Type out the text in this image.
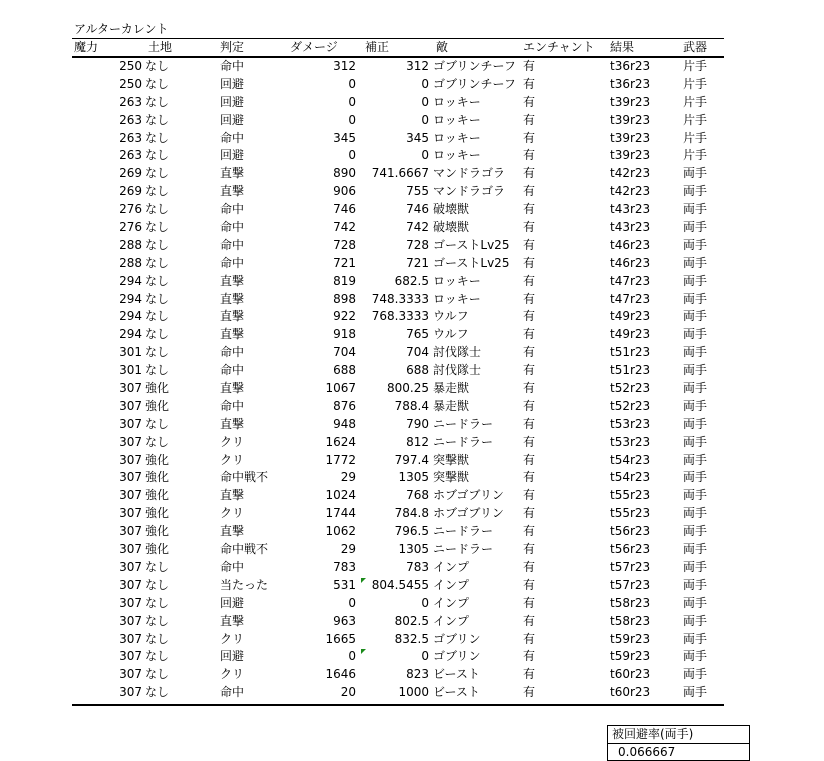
アルターカレント
魔力	土地	判定	ダメージ 補正	敵	エンチャント 結果	武器
250 なし	命中	312	312 ゴブリンチーフ 有	t36r23	片手
250 なし	回避	0	0 ゴブリンチーフ 有	t36r23	片手
263 なし	回避	0	0 ロッキー	有	t39r23	片手
263 なし	回避	0	0 ロッキー	有	t39r23	片手
263 なし	命中	345	345 ロッキー	有	t39r23	片手
263 なし	回避	0	0 ロッキー	有	t39r23	片手
269 なし	直撃	890 741.6667 マンドラゴラ	有	t42r23	両手
269 なし	直撃	906	755 マンドラゴラ	有	t42r23	両手
276 なし	命中	746	746 破壊獣	有	t43r23	両手
276 なし	命中	742	742 破壊獣	有	t43r23	両手
288 なし	命中	728	728 ゴーストLv25	有	t46r23	両手
288 なし	命中	721	721 ゴーストLv25	有	t46r23	両手
294 なし	直撃	819	682.5 ロッキー	有	t47r23	両手
294 なし	直撃	898 748.3333 ロッキー	有	t47r23	両手
294 なし	直撃	922 768.3333 ウルフ	有	t49r23	両手
294 なし	直撃	918	765 ウルフ	有	t49r23	両手
301 なし	命中	704	704 討伐隊士	有	t51r23	両手
301 なし	命中	688	688 討伐隊士	有	t51r23	両手
307 強化	直撃	1067	800.25 暴走獣	有	t52r23	両手
307 強化	命中	876	788.4 暴走獣	有	t52r23	両手
307 なし	直撃	948	790 ニードラー	有	t53r23	両手
307 なし	クリ	1624	812 ニードラー	有	t53r23	両手
307 強化	クリ	1772	797.4 突撃獣	有	t54r23	両手
307 強化	命中戦不	29	1305 突撃獣	有	t54r23	両手
307 強化	直撃	1024	768 ホブゴブリン	有	t55r23	両手
307 強化	クリ	1744	784.8 ホブゴブリン	有	t55r23	両手
307 強化	直撃	1062	796.5 ニードラー	有	t56r23	両手
307 強化	命中戦不	29	1305 ニードラー	有	t56r23	両手
307 なし	命中	783	783 インプ	有	t57r23	両手
307 なし	当たった	531 804.5455 インプ	有	t57r23	両手
307 なし	回避	0	0 インプ	有	t58r23	両手
307 なし	直撃	963	802.5 インプ	有	t58r23	両手
307 なし	クリ	1665	832.5 ゴブリン	有	t59r23	両手
307 なし	回避	0	0 ゴブリン	有	t59r23	両手
307 なし	クリ	1646	823 ビースト	有	t60r23	両手
307 なし	命中	20	1000 ビースト	有	t60r23	両手
被回避率(両手)
0.066667
